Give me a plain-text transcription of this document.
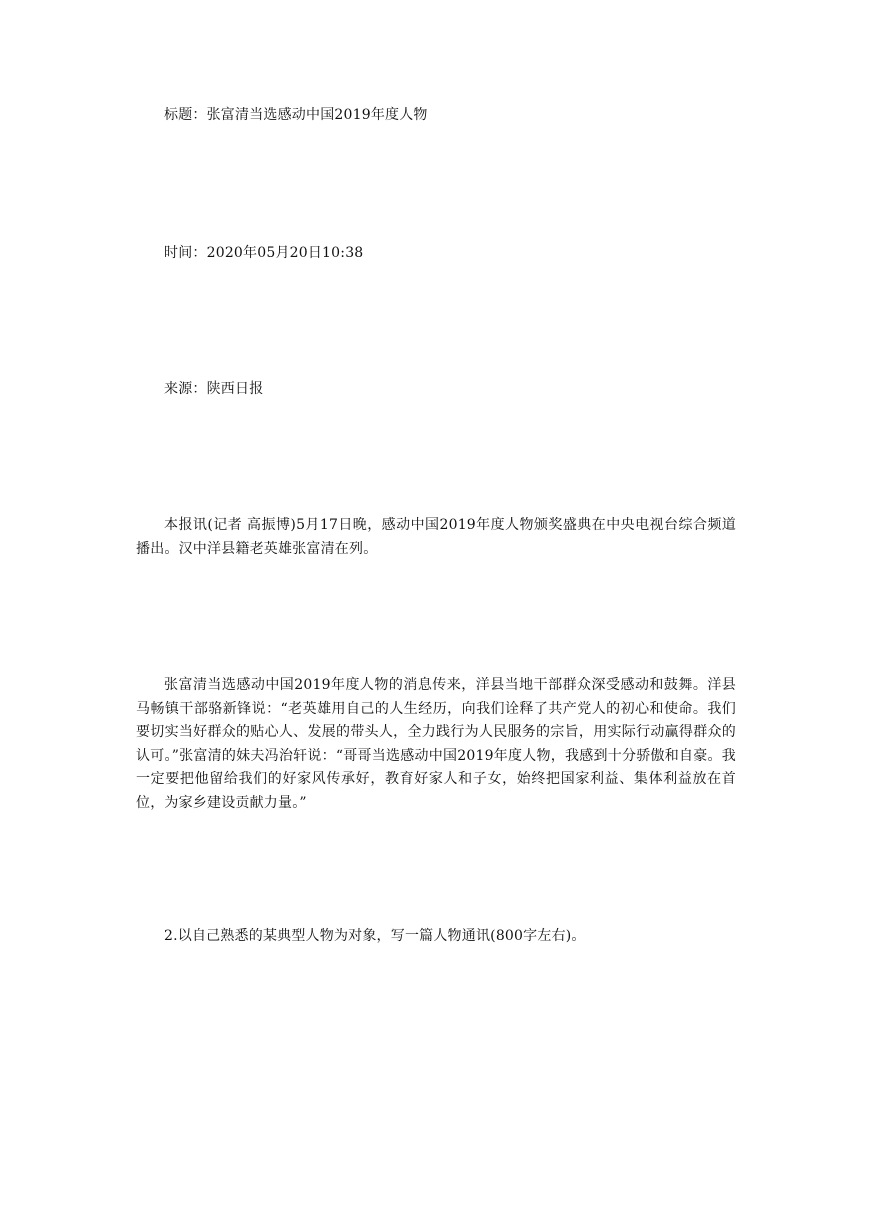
标题：张富清当选感动中国2019年度人物

时间：2020年05月20日10:38

来源：陕西日报

本报讯(记者 高振博)5月17日晚，感动中国2019年度人物颁奖盛典在中央电视台综合频道播出。汉中洋县籍老英雄张富清在列。

张富清当选感动中国2019年度人物的消息传来，洋县当地干部群众深受感动和鼓舞。洋县马畅镇干部骆新锋说：“老英雄用自己的人生经历，向我们诠释了共产党人的初心和使命。我们要切实当好群众的贴心人、发展的带头人，全力践行为人民服务的宗旨，用实际行动赢得群众的认可。”张富清的妹夫冯治轩说：“哥哥当选感动中国2019年度人物，我感到十分骄傲和自豪。我一定要把他留给我们的好家风传承好，教育好家人和子女，始终把国家利益、集体利益放在首位，为家乡建设贡献力量。”

2.以自己熟悉的某典型人物为对象，写一篇人物通讯(800字左右)。
